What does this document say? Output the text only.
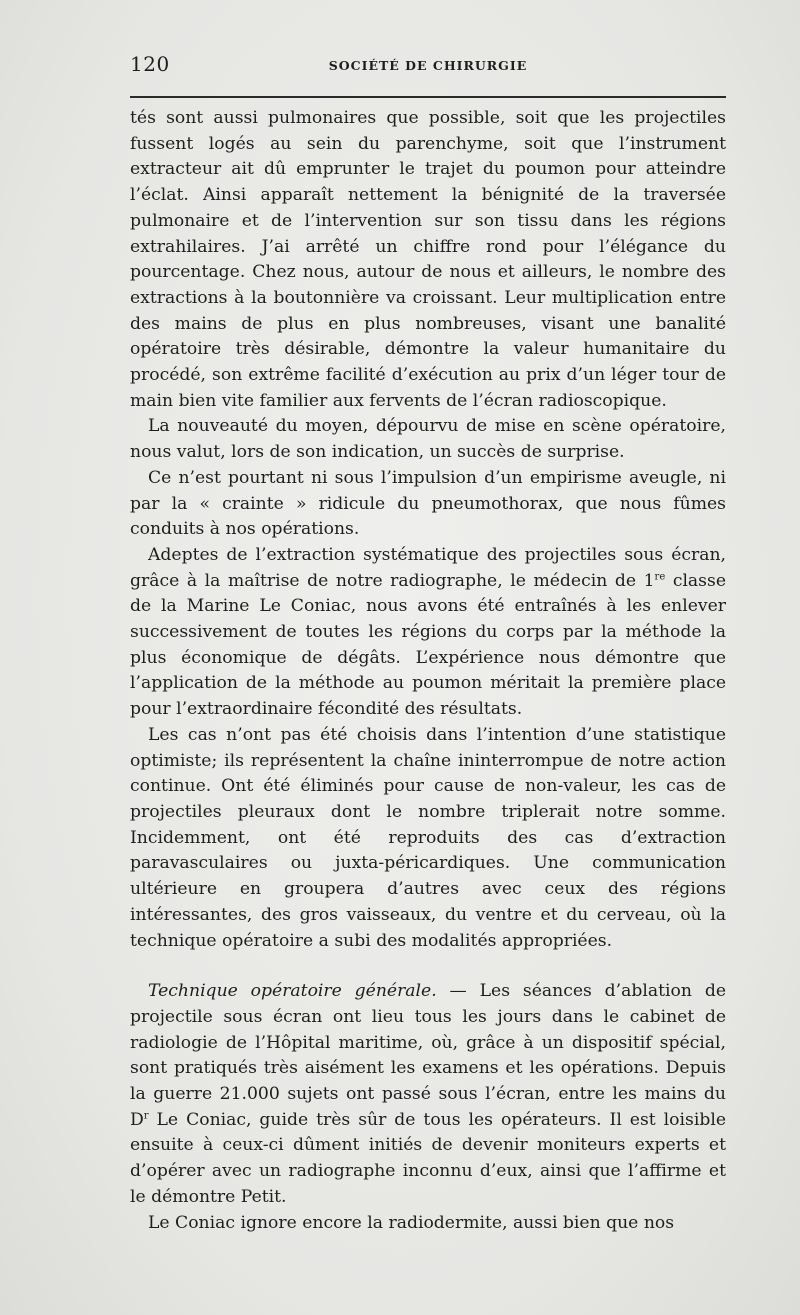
120	SOCIÉTÉ DE CHIRURGIE

tés sont aussi pulmonaires que possible, soit que les projectiles fussent logés au sein du parenchyme, soit que l’instrument extracteur ait dû emprunter le trajet du poumon pour atteindre l’éclat. Ainsi apparaît nettement la bénignité de la traversée pulmonaire et de l’intervention sur son tissu dans les régions extrahilaires. J’ai arrêté un chiffre rond pour l’élégance du pourcentage. Chez nous, autour de nous et ailleurs, le nombre des extractions à la boutonnière va croissant. Leur multiplication entre des mains de plus en plus nombreuses, visant une banalité opératoire très désirable, démontre la valeur humanitaire du procédé, son extrême facilité d’exécution au prix d’un léger tour de main bien vite familier aux fervents de l’écran radioscopique.

La nouveauté du moyen, dépourvu de mise en scène opératoire, nous valut, lors de son indication, un succès de surprise.

Ce n’est pourtant ni sous l’impulsion d’un empirisme aveugle, ni par la « crainte » ridicule du pneumothorax, que nous fûmes conduits à nos opérations.

Adeptes de l’extraction systématique des projectiles sous écran, grâce à la maîtrise de notre radiographe, le médecin de 1re classe de la Marine Le Coniac, nous avons été entraînés à les enlever successivement de toutes les régions du corps par la méthode la plus économique de dégâts. L’expérience nous démontre que l’application de la méthode au poumon méritait la première place pour l’extraordinaire fécondité des résultats.

Les cas n’ont pas été choisis dans l’intention d’une statistique optimiste; ils représentent la chaîne ininterrompue de notre action continue. Ont été éliminés pour cause de non-valeur, les cas de projectiles pleuraux dont le nombre triplerait notre somme. Incidemment, ont été reproduits des cas d’extraction paravasculaires ou juxta-péricardiques. Une communication ultérieure en groupera d’autres avec ceux des régions intéressantes, des gros vaisseaux, du ventre et du cerveau, où la technique opératoire a subi des modalités appropriées.

Technique opératoire générale. — Les séances d’ablation de projectile sous écran ont lieu tous les jours dans le cabinet de radiologie de l’Hôpital maritime, où, grâce à un dispositif spécial, sont pratiqués très aisément les examens et les opérations. Depuis la guerre 21.000 sujets ont passé sous l’écran, entre les mains du $D^r$ Le Coniac, guide très sûr de tous les opérateurs. Il est loisible ensuite à ceux-ci dûment initiés de devenir moniteurs experts et d’opérer avec un radiographe inconnu d’eux, ainsi que l’affirme et le démontre Petit.

Le Coniac ignore encore la radiodermite, aussi bien que nos
